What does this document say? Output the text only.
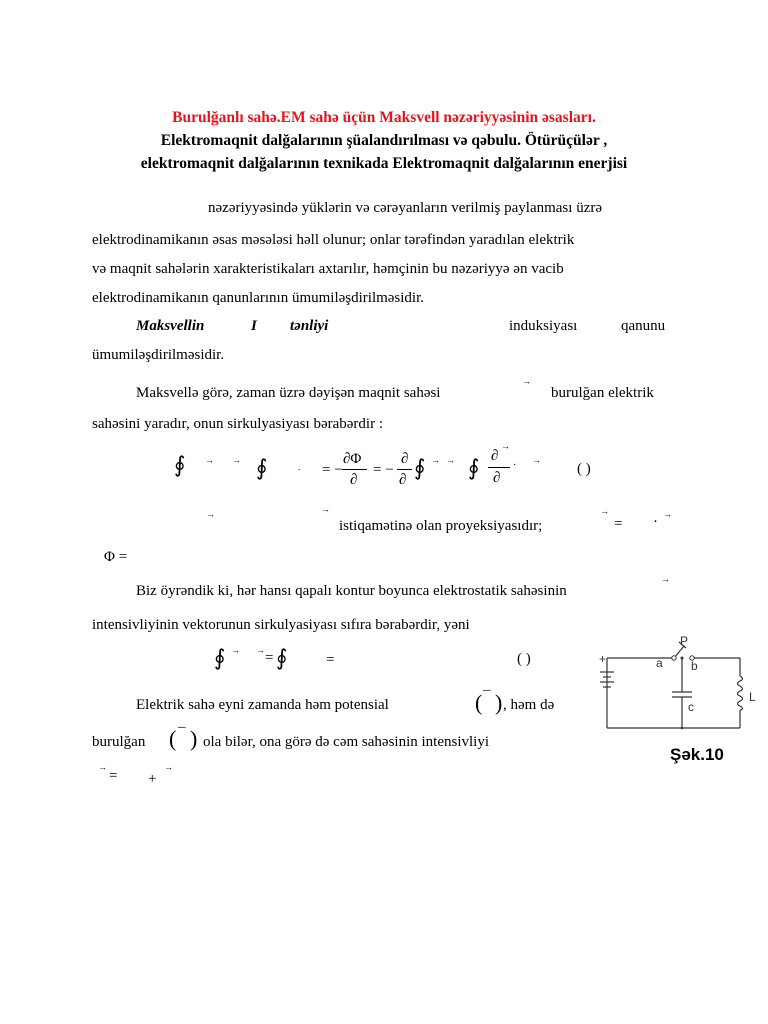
Burulğanlı sahə.EM sahə üçün Maksvell nəzəriyyəsinin əsasları.
Elektromaqnit dalğalarının şüalandırılması və qəbulu. Ötürüçülər ,
elektromaqnit dalğalarının texnikada Elektromaqnit dalğalarının enerjisi
nəzəriyyəsində yüklərin və cərəyanların verilmiş paylanması üzrə
elektrodinamikanın əsas məsələsi həll olunur; onlar tərəfindən yaradılan elektrik
və maqnit sahələrin xarakteristikaları axtarılır, həmçinin bu nəzəriyyə ən vacib
elektrodinamikanın qanunlarının ümumiləşdirilməsidir.
Maksvellin	I tənliyi	induksiyası	qanunu
ümumiləşdirilməsidir.
Maksvellə görə, zaman üzrə dəyişən maqnit sahəsi
→
burulğan elektrik
sahəsini yaradır, onun sirkulyasiyası bərabərdir :
∮ → → ∮	. = −
∂Φ
∂
= −
∂
∂ ∮ → → ∮ ∂
→
∂
· →
( )
→	→
istiqamətinə olan proyeksiyasıdır;
→
= · →
Φ =
Biz öyrəndik ki, hər hansı qapalı kontur boyunca elektrostatik sahəsinin
→
intensivliyinin vektorunun sirkulyasiyası sıfıra bərabərdir, yəni
∮ → → = ∮	=	( )
Elektrik sahə eyni zamanda həm potensial	( ¯ ) , həm də
burulğan ( ¯ ) ola bilər, ona görə də cəm sahəsinin intensivliyi
→
= +
→
P
a b
c
L
+
Şək.10
